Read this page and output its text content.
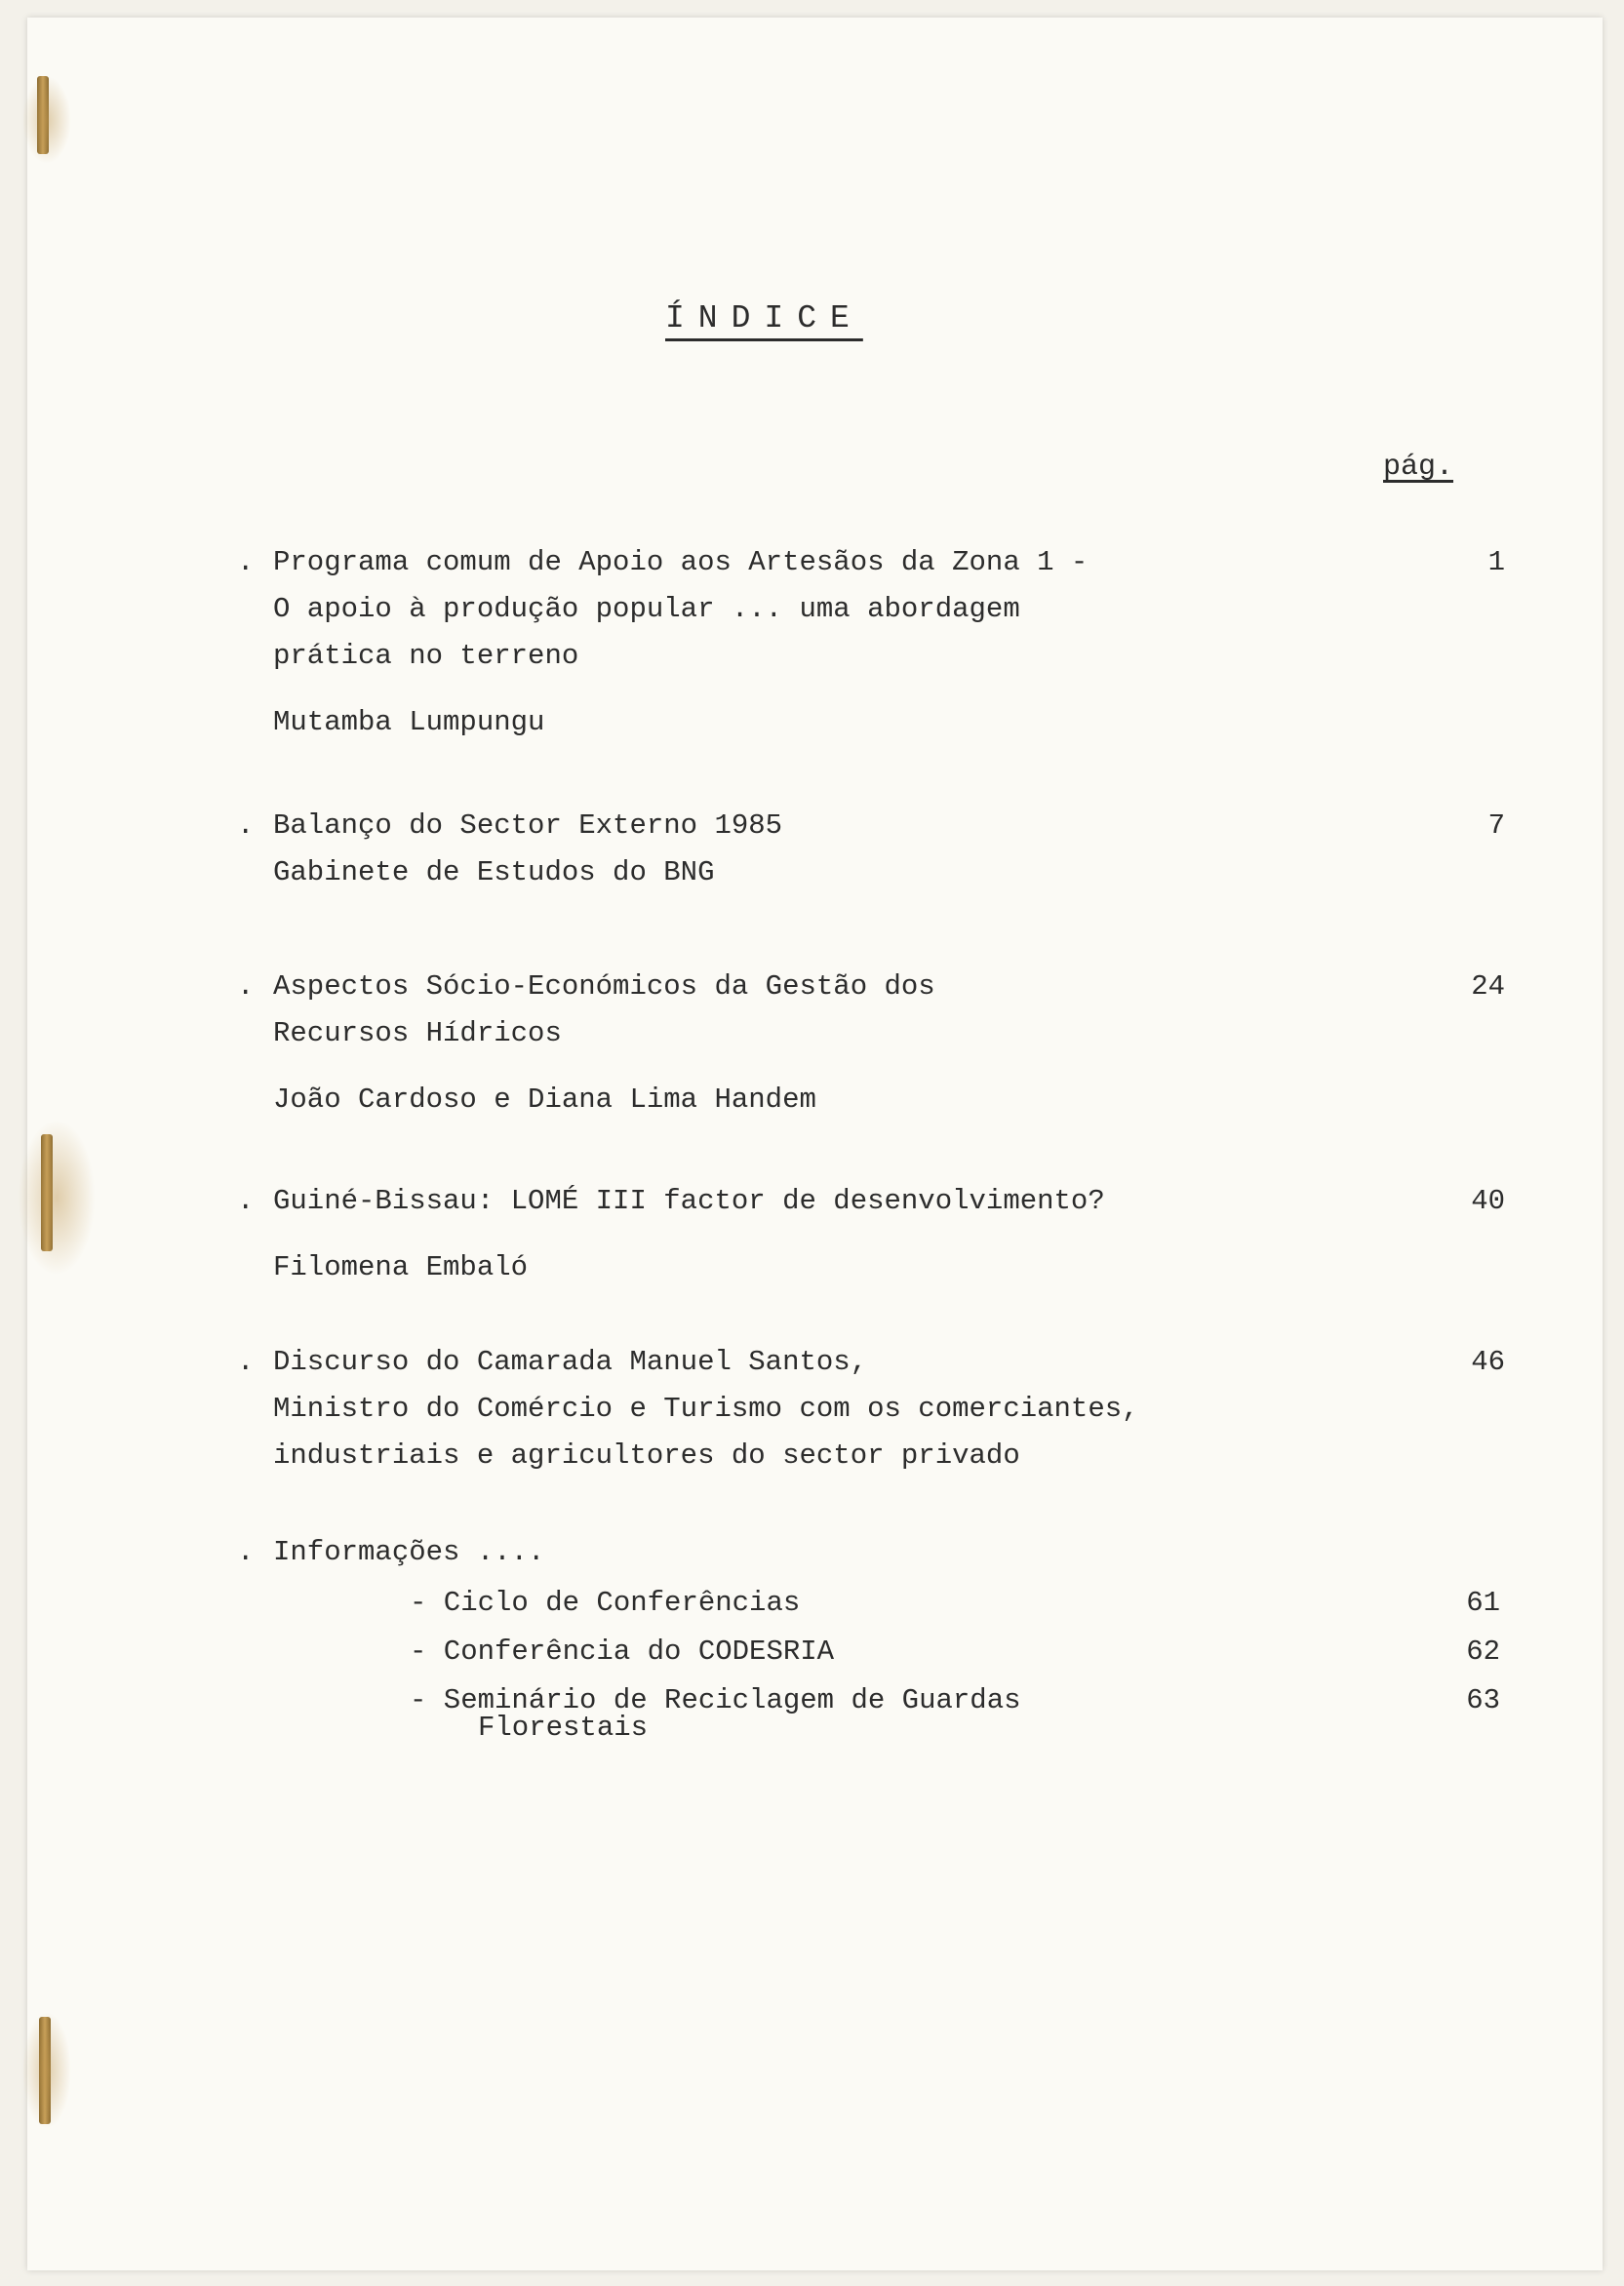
ÍNDICE
pág.
. Programa comum de Apoio aos Artesãos da Zona 1 -
O apoio à produção popular ... uma abordagem
prática no terreno
Mutamba Lumpungu
1
. Balanço do Sector Externo 1985
Gabinete de Estudos do BNG
7
. Aspectos Sócio-Económicos da Gestão dos
Recursos Hídricos
João Cardoso e Diana Lima Handem
24
. Guiné-Bissau: LOMÉ III factor de desenvolvimento?
Filomena Embaló
40
. Discurso do Camarada Manuel Santos,
Ministro do Comércio e Turismo com os comerciantes,
industriais e agricultores do sector privado
46
. Informações ....
- Ciclo de Conferências	61
- Conferência do CODESRIA	62
- Seminário de Reciclagem de Guardas	63
Florestais
